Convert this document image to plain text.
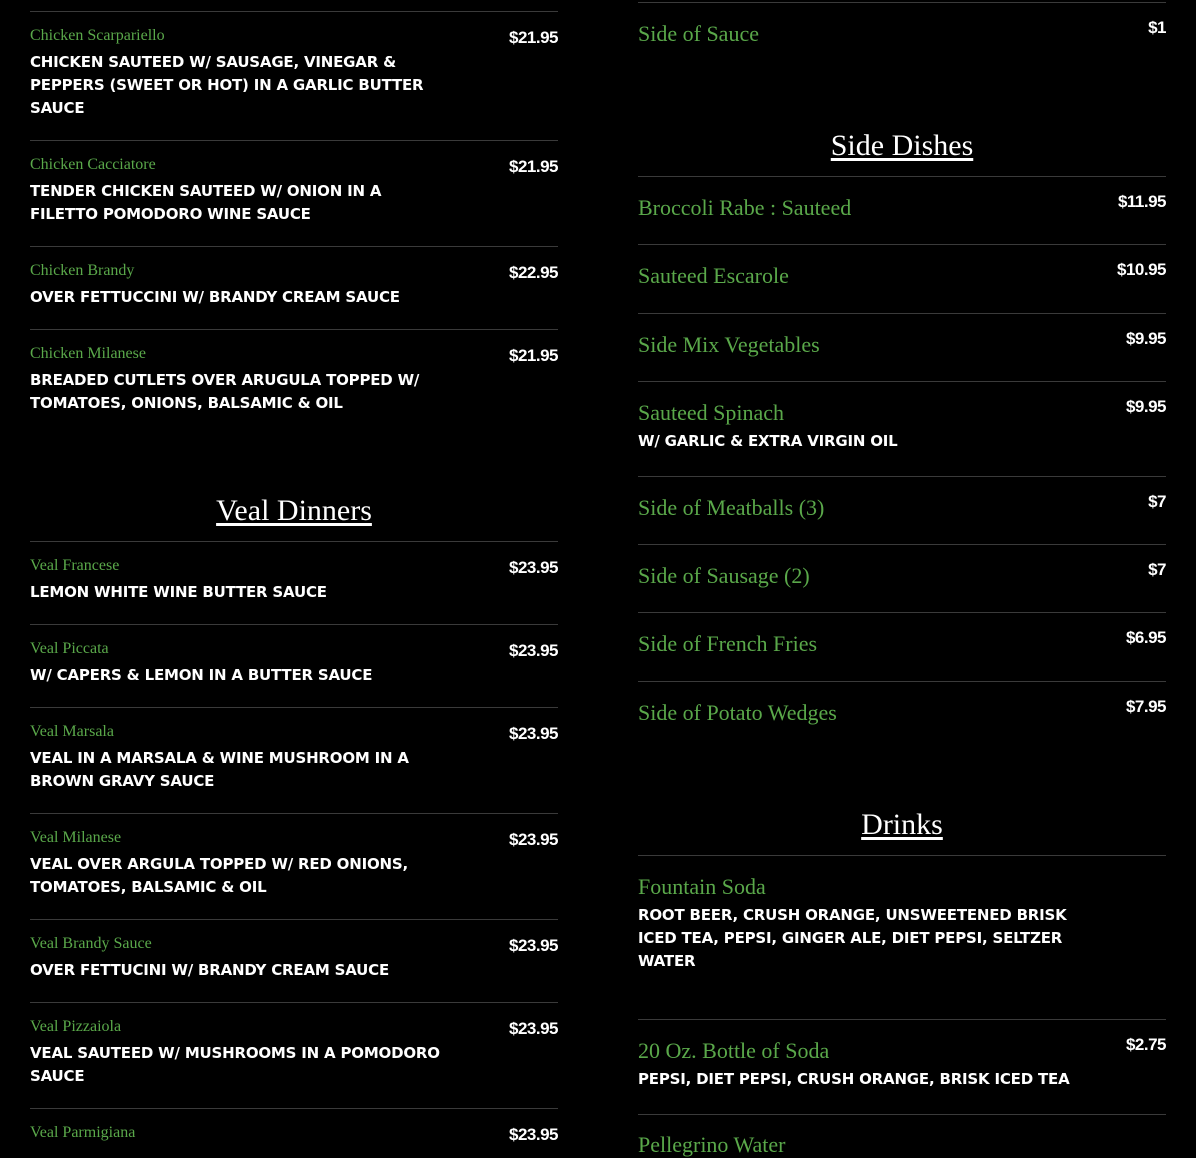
Chicken Scarpariello	$21.95
CHICKEN SAUTEED W/ SAUSAGE, VINEGAR & PEPPERS (SWEET OR HOT) IN A GARLIC BUTTER SAUCE
Chicken Cacciatore	$21.95
TENDER CHICKEN SAUTEED W/ ONION IN A FILETTO POMODORO WINE SAUCE
Chicken Brandy	$22.95
OVER FETTUCCINI W/ BRANDY CREAM SAUCE
Chicken Milanese	$21.95
BREADED CUTLETS OVER ARUGULA TOPPED W/ TOMATOES, ONIONS, BALSAMIC & OIL
Veal Dinners
Veal Francese	$23.95
LEMON WHITE WINE BUTTER SAUCE
Veal Piccata	$23.95
W/ CAPERS & LEMON IN A BUTTER SAUCE
Veal Marsala	$23.95
VEAL IN A MARSALA & WINE MUSHROOM IN A BROWN GRAVY SAUCE
Veal Milanese	$23.95
VEAL OVER ARGULA TOPPED W/ RED ONIONS, TOMATOES, BALSAMIC & OIL
Veal Brandy Sauce	$23.95
OVER FETTUCINI W/ BRANDY CREAM SAUCE
Veal Pizzaiola	$23.95
VEAL SAUTEED W/ MUSHROOMS IN A POMODORO SAUCE
Veal Parmigiana	$23.95
Side of Sauce	$1
Side Dishes
Broccoli Rabe : Sauteed	$11.95
Sauteed Escarole	$10.95
Side Mix Vegetables	$9.95
Sauteed Spinach	$9.95
W/ GARLIC & EXTRA VIRGIN OIL
Side of Meatballs (3)	$7
Side of Sausage (2)	$7
Side of French Fries	$6.95
Side of Potato Wedges	$7.95
Drinks
Fountain Soda
ROOT BEER, CRUSH ORANGE, UNSWEETENED BRISK ICED TEA, PEPSI, GINGER ALE, DIET PEPSI, SELTZER WATER
20 Oz. Bottle of Soda	$2.75
PEPSI, DIET PEPSI, CRUSH ORANGE, BRISK ICED TEA
Pellegrino Water
